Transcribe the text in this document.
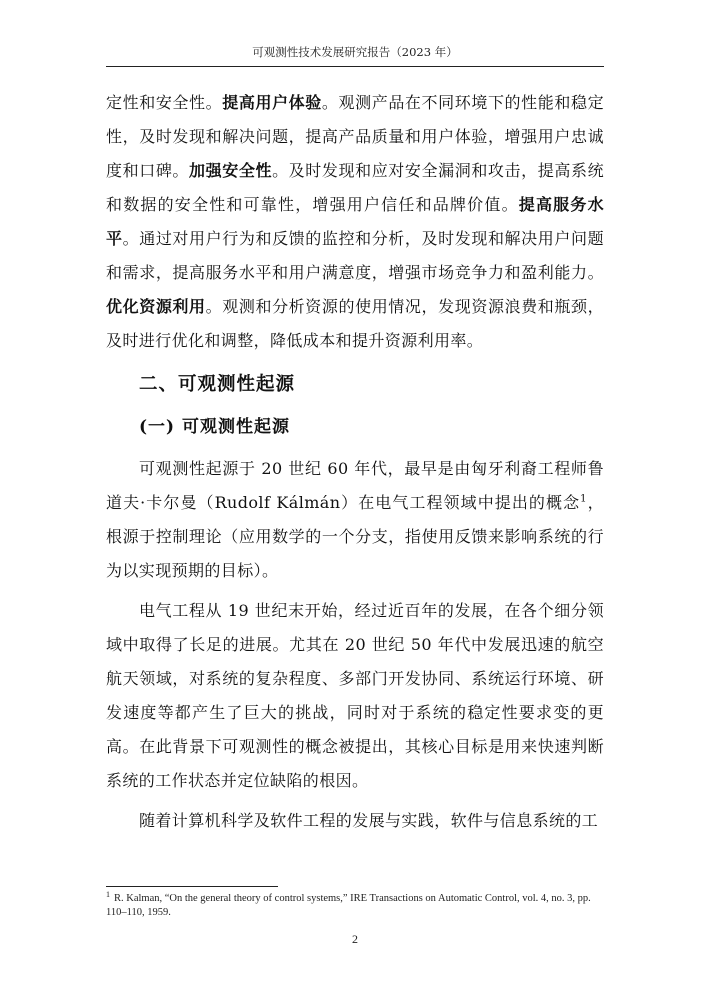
可观测性技术发展研究报告（2023 年）

定性和安全性。提高用户体验。观测产品在不同环境下的性能和稳定性，及时发现和解决问题，提高产品质量和用户体验，增强用户忠诚度和口碑。加强安全性。及时发现和应对安全漏洞和攻击，提高系统和数据的安全性和可靠性，增强用户信任和品牌价值。提高服务水平。通过对用户行为和反馈的监控和分析，及时发现和解决用户问题和需求，提高服务水平和用户满意度，增强市场竞争力和盈利能力。优化资源利用。观测和分析资源的使用情况，发现资源浪费和瓶颈，及时进行优化和调整，降低成本和提升资源利用率。

二、可观测性起源
(一) 可观测性起源

可观测性起源于 20 世纪 60 年代，最早是由匈牙利裔工程师鲁道夫·卡尔曼（Rudolf Kálmán）在电气工程领域中提出的概念$^1$，根源于控制理论（应用数学的一个分支，指使用反馈来影响系统的行为以实现预期的目标）。

电气工程从 19 世纪末开始，经过近百年的发展，在各个细分领域中取得了长足的进展。尤其在 20 世纪 50 年代中发展迅速的航空航天领域，对系统的复杂程度、多部门开发协同、系统运行环境、研发速度等都产生了巨大的挑战，同时对于系统的稳定性要求变的更高。在此背景下可观测性的概念被提出，其核心目标是用来快速判断系统的工作状态并定位缺陷的根因。

随着计算机科学及软件工程的发展与实践，软件与信息系统的工

$^1$ R. Kalman, “On the general theory of control systems,” IRE Transactions on Automatic Control, vol. 4, no. 3, pp. 110–110, 1959.
2
